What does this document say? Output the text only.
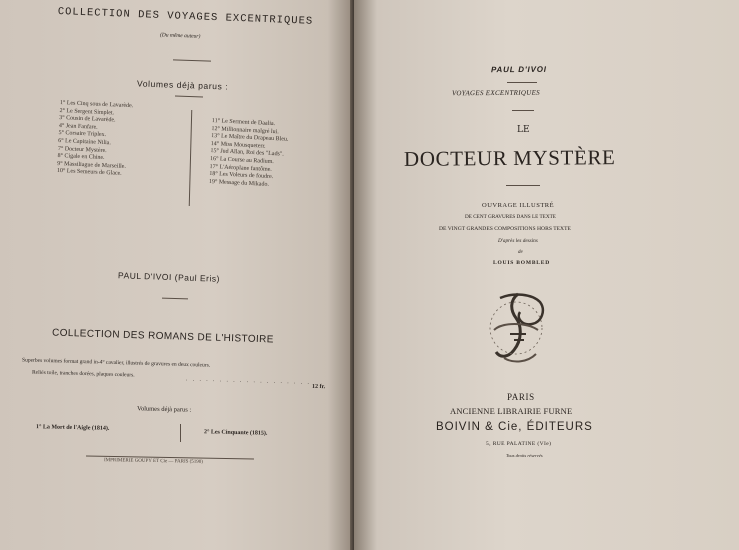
COLLECTION DES VOYAGES EXCENTRIQUES
(Du même auteur)
Volumes déjà parus :
1° Les Cinq sous de Lavarède.
2° Le Sergent Simplet.
3° Cousin de Lavarède.
4° Jean Fanfare.
5° Corsaire Triplex.
6° Le Capitaine Nilia.
7° Docteur Mystère.
8° Cigale en Chine.
9° Massiliague de Marseille.
10° Les Semeurs de Glace.
11° Le Serment de Daalia.
12° Millionnaire malgré lui.
13° Le Maître du Drapeau Bleu.
14° Miss Mousqueterr.
15° Jud Allan, Roi des "Lads".
16° La Course au Radium.
17° L'Aéroplane fantôme.
18° Les Voleurs de foudre.
19° Message du Mikado.
PAUL D'IVOI (Paul Eris)
COLLECTION DES ROMANS DE L'HISTOIRE
Superbes volumes format grand in-4° cavalier, illustrés de gravures en deux couleurs.
Reliés toile, tranches dorées, plaques couleurs.
. . . . . . . . . . . . . . . . . . .
12 fr.
Volumes déjà parus :
1° La Mort de l'Aigle (1814).
2° Les Cinquante (1815).
IMPRIMERIE GOUPY ET Cie — PARIS (5190)
PAUL D'IVOI
VOYAGES EXCENTRIQUES
LE
DOCTEUR MYSTÈRE
OUVRAGE ILLUSTRÉ
DE CENT GRAVURES DANS LE TEXTE
DE VINGT GRANDES COMPOSITIONS HORS TEXTE
D'après les dessins
de
LOUIS BOMBLED
PARIS
ANCIENNE LIBRAIRIE FURNE
BOIVIN & Cie, ÉDITEURS
5, RUE PALATINE (VIe)
Tous droits réservés
